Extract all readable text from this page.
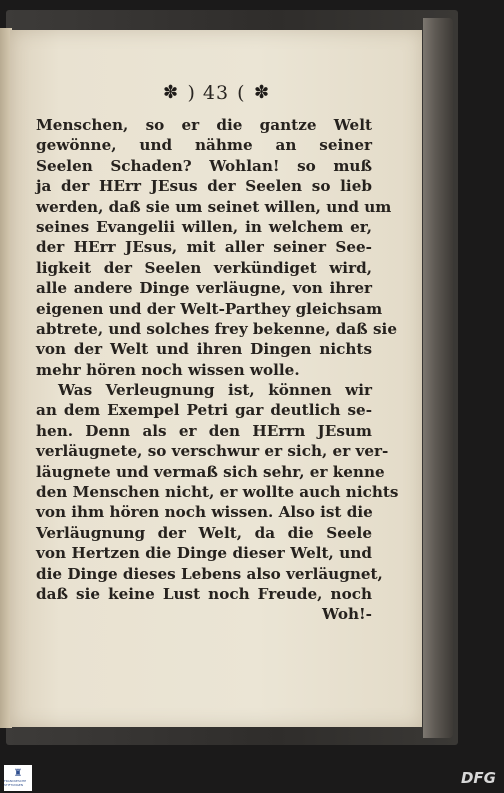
✽ ) 43 ( ✽
Menschen, so er die gantze Welt
gewönne, und nähme an seiner
Seelen Schaden? Wohlan! so muß
ja der HErr JEsus der Seelen so lieb
werden, daß sie um seinet willen, und um
seines Evangelii willen, in welchem er,
der HErr JEsus, mit aller seiner See-
ligkeit der Seelen verkündiget wird,
alle andere Dinge verläugne, von ihrer
eigenen und der Welt-Parthey gleichsam
abtrete, und solches frey bekenne, daß sie
von der Welt und ihren Dingen nichts
mehr hören noch wissen wolle.
Was Verleugnung ist, können wir
an dem Exempel Petri gar deutlich se-
hen. Denn als er den HErrn JEsum
verläugnete, so verschwur er sich, er ver-
läugnete und vermaß sich sehr, er kenne
den Menschen nicht, er wollte auch nichts
von ihm hören noch wissen. Also ist die
Verläugnung der Welt, da die Seele
von Hertzen die Dinge dieser Welt, und
die Dinge dieses Lebens also verläugnet,
daß sie keine Lust noch Freude, noch
Woh!-
♜
FRANCKESCHE STIFTUNGEN	DFG
